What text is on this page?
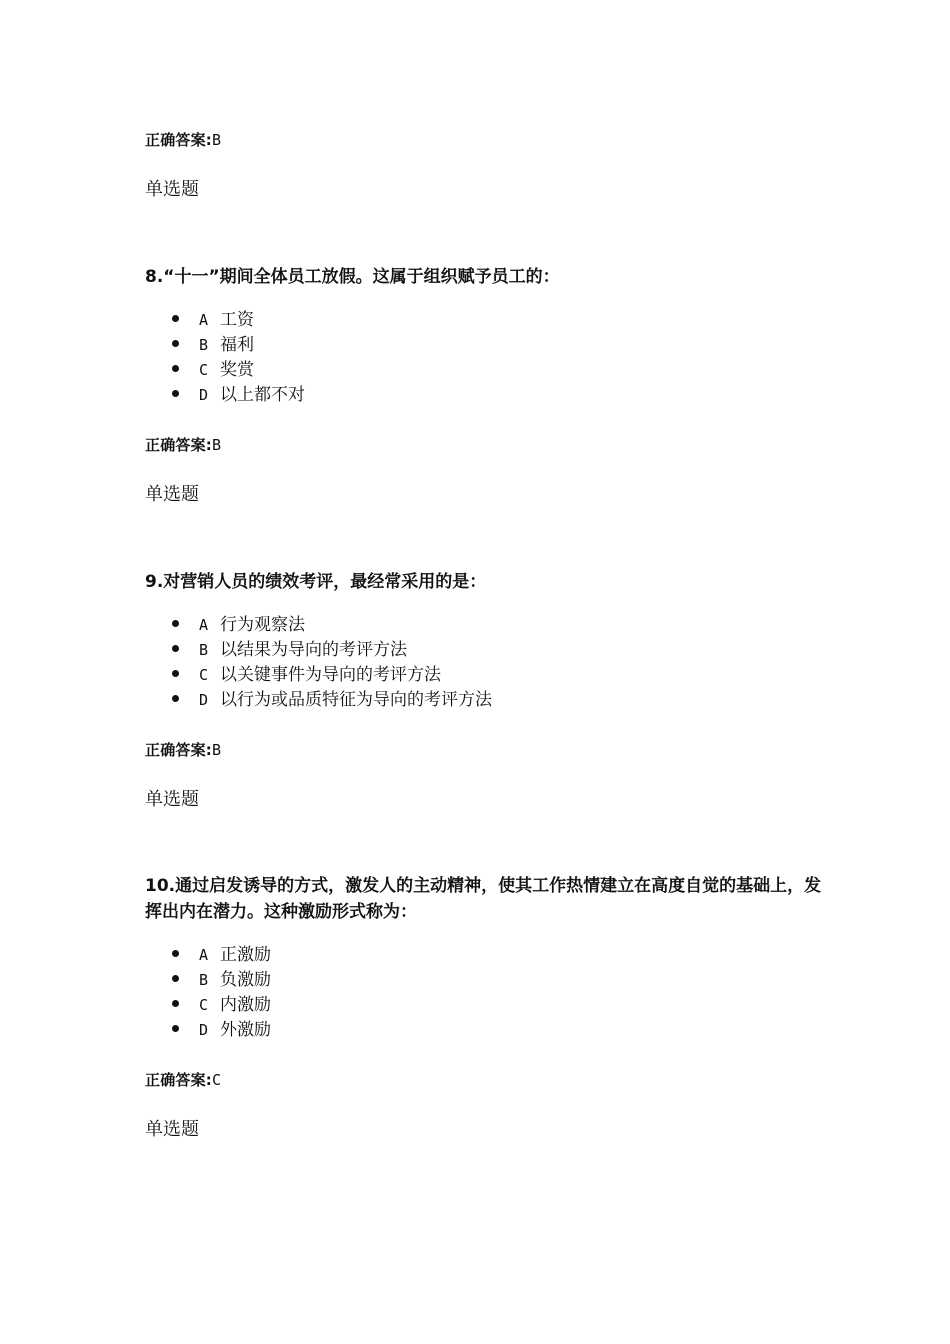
正确答案:B
单选题
8.“十一”期间全体员工放假。这属于组织赋予员工的：
A 工资
B 福利
C 奖赏
D 以上都不对
正确答案:B
单选题
9.对营销人员的绩效考评，最经常采用的是：
A 行为观察法
B 以结果为导向的考评方法
C 以关键事件为导向的考评方法
D 以行为或品质特征为导向的考评方法
正确答案:B
单选题
10.通过启发诱导的方式，激发人的主动精神，使其工作热情建立在高度自觉的基础上，发挥出内在潜力。这种激励形式称为：
A 正激励
B 负激励
C 内激励
D 外激励
正确答案:C
单选题
